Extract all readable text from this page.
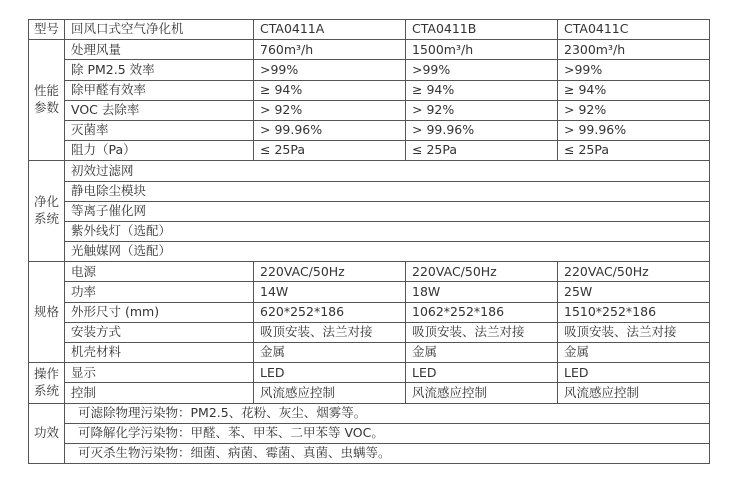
型号	回风口式空气净化机	CTA0411A	CTA0411B	CTA0411C
性能参数	处理风量	760m³/h	1500m³/h	2300m³/h
	除 PM2.5 效率	>99%	>99%	>99%
	除甲醛有效率	≥ 94%	≥ 94%	≥ 94%
	VOC 去除率	> 92%	> 92%	> 92%
	灭菌率	> 99.96%	> 99.96%	> 99.96%
	阻力（Pa）	≤ 25Pa	≤ 25Pa	≤ 25Pa
净化系统	初效过滤网			
	静电除尘模块			
	等离子催化网			
	紫外线灯（选配）			
	光触媒网（选配）			
规格	电源	220VAC/50Hz	220VAC/50Hz	220VAC/50Hz
	功率	14W	18W	25W
	外形尺寸 (mm)	620*252*186	1062*252*186	1510*252*186
	安装方式	吸顶安装、法兰对接	吸顶安装、法兰对接	吸顶安装、法兰对接
	机壳材料	金属	金属	金属
操作系统	显示	LED	LED	LED
	控制	风流感应控制	风流感应控制	风流感应控制
功效	可滤除物理污染物：PM2.5、花粉、灰尘、烟雾等。			
	可降解化学污染物：甲醛、苯、甲苯、二甲苯等 VOC。			
	可灭杀生物污染物：细菌、病菌、霉菌、真菌、虫螨等。			
